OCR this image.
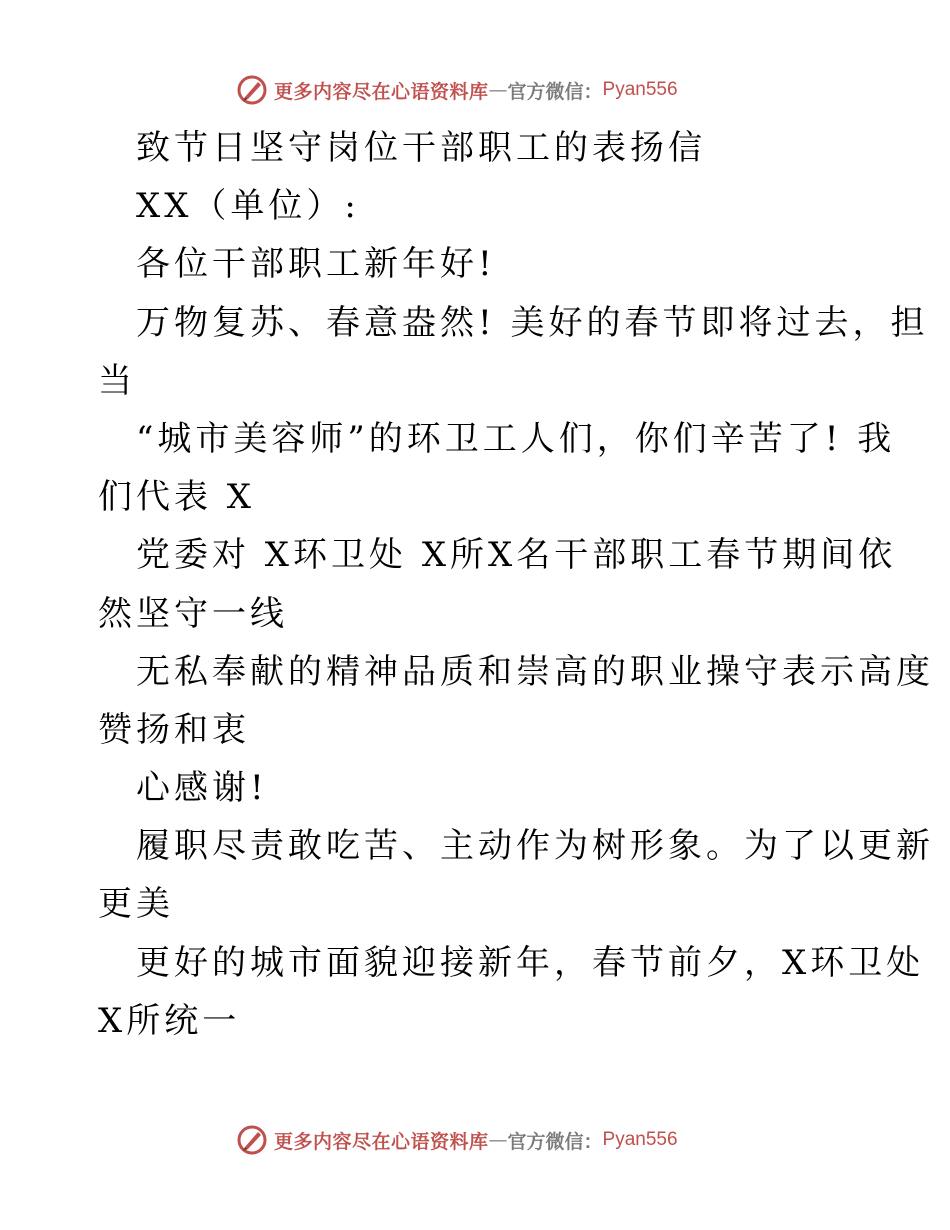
更多内容尽在心语资料库 — 官方微信： Pyan556
致节日坚守岗位干部职工的表扬信
XX（单位）:
各位干部职工新年好!
万物复苏、春意盎然! 美好的春节即将过去，担
当
“城市美容师”的环卫工人们，你们辛苦了! 我
们代表 X
党委对 X环卫处 X所X名干部职工春节期间依
然坚守一线
无私奉献的精神品质和崇高的职业操守表示高度
赞扬和衷
心感谢!
履职尽责敢吃苦、主动作为树形象。为了以更新
更美
更好的城市面貌迎接新年，春节前夕，X环卫处
X所统一
更多内容尽在心语资料库 — 官方微信： Pyan556
